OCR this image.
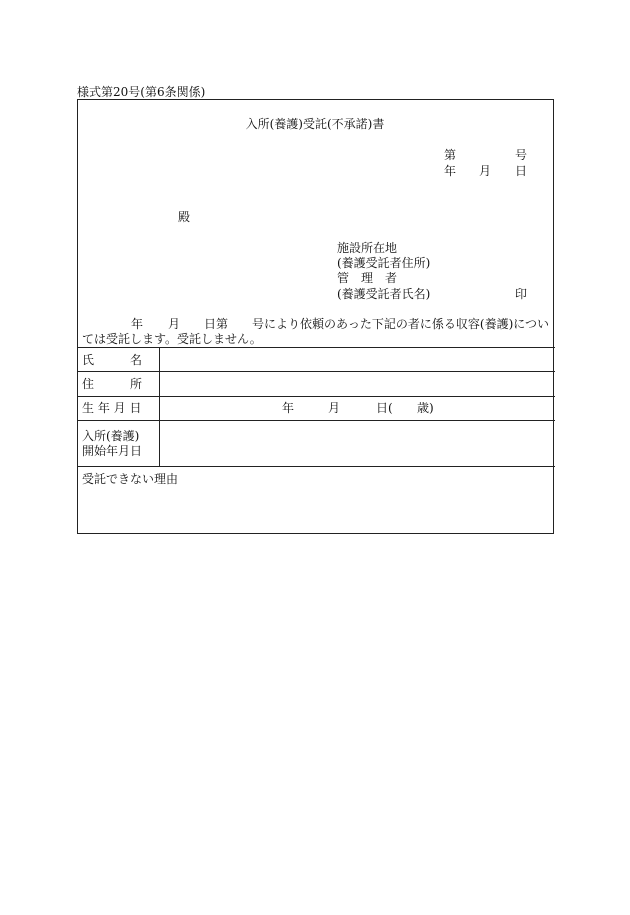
様式第20号(第6条関係)
入所(養護)受託(不承諾)書
第	号
年 月 日
殿
施設所在地
(養護受託者住所)
管　理　者
(養護受託者氏名)	印
年 月 日第 号により依頼のあった下記の者に係る収容(養護)につい
ては受託します。受託しません。
氏　　　名
住　　　所
生 年 月 日	年	月	日( 歳)
入所(養護)
開始年月日
受託できない理由
